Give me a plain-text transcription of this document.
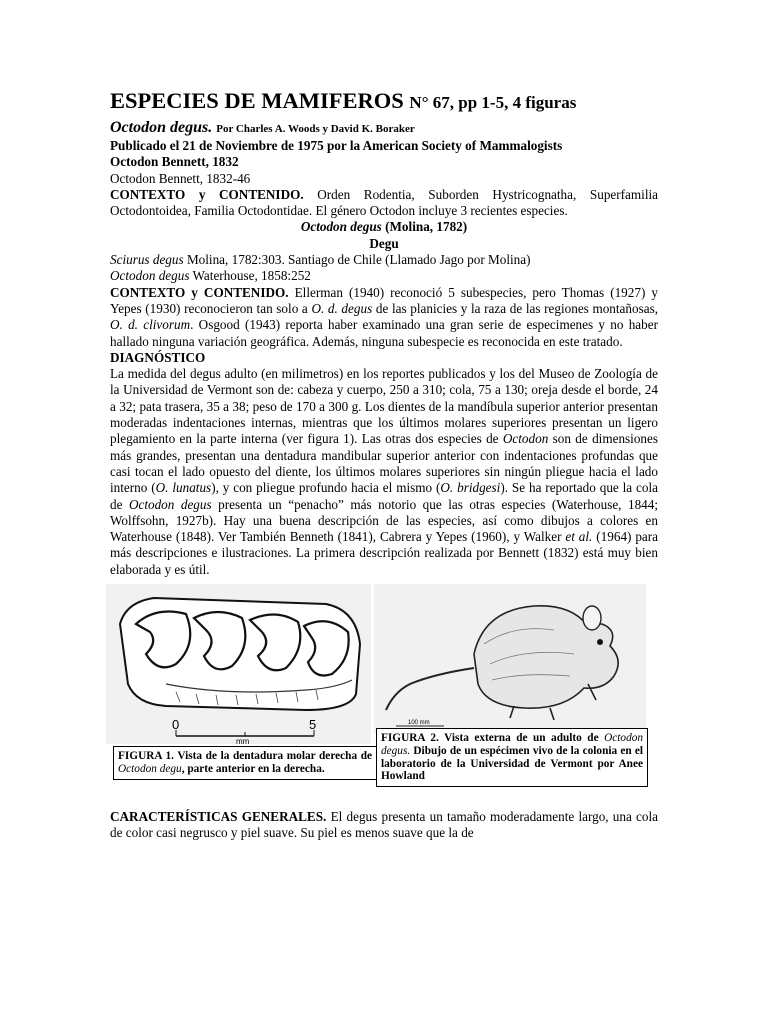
ESPECIES DE MAMIFEROS N° 67, pp 1-5, 4 figuras
Octodon degus. Por Charles A. Woods y David K. Boraker

Publicado el 21 de Noviembre de 1975 por la American Society of Mammalogists

Octodon Bennett, 1832

Octodon Bennett, 1832-46

CONTEXTO y CONTENIDO. Orden Rodentia, Suborden Hystricognatha, Superfamilia Octodontoidea, Familia Octodontidae. El género Octodon incluye 3 recientes especies.

Octodon degus (Molina, 1782)

Degu

Sciurus degus Molina, 1782:303. Santiago de Chile (Llamado Jago por Molina)

Octodon degus Waterhouse, 1858:252

CONTEXTO y CONTENIDO. Ellerman (1940) reconoció 5 subespecies, pero Thomas (1927) y Yepes (1930) reconocieron tan solo a O. d. degus de las planicies y la raza de las regiones montañosas, O. d. clivorum. Osgood (1943) reporta haber examinado una gran serie de especimenes y no haber hallado ninguna variación geográfica. Además, ninguna subespecie es reconocida en este tratado.

DIAGNÓSTICO

La medida del degus adulto (en milimetros) en los reportes publicados y los del Museo de Zoología de la Universidad de Vermont son de: cabeza y cuerpo, 250 a 310; cola, 75 a 130; oreja desde el borde, 24 a 32; pata trasera, 35 a 38; peso de 170 a 300 g. Los dientes de la mandíbula superior anterior presentan moderadas indentaciones internas, mientras que los últimos molares superiores presentan un ligero plegamiento en la parte interna (ver figura 1). Las otras dos especies de Octodon son de dimensiones más grandes, presentan una dentadura mandibular superior anterior con indentaciones profundas que casi tocan el lado opuesto del diente, los últimos molares superiores sin ningún pliegue hacia el lado interno (O. lunatus), y con pliegue profundo hacia el mismo (O. bridgesi). Se ha reportado que la cola de Octodon degus presenta un “penacho” más notorio que las otras especies (Waterhouse, 1844; Wolffsohn, 1927b). Hay una buena descripción de las especies, así como dibujos a colores en Waterhouse (1848). Ver También Benneth (1841), Cabrera y Yepes (1960), y Walker et al. (1964) para más descripciones e ilustraciones. La primera descripción realizada por Bennett (1832) está muy bien elaborada y es útil.

0	5
mm
100 mm
FIGURA 1. Vista de la dentadura molar derecha de Octodon degu, parte anterior en la derecha.
FIGURA 2. Vista externa de un adulto de Octodon degus. Dibujo de un espécimen vivo de la colonia en el laboratorio de la Universidad de Vermont por Anee Howland

CARACTERÍSTICAS GENERALES. El degus presenta un tamaño moderadamente largo, una cola de color casi negrusco y piel suave. Su piel es menos suave que la de
